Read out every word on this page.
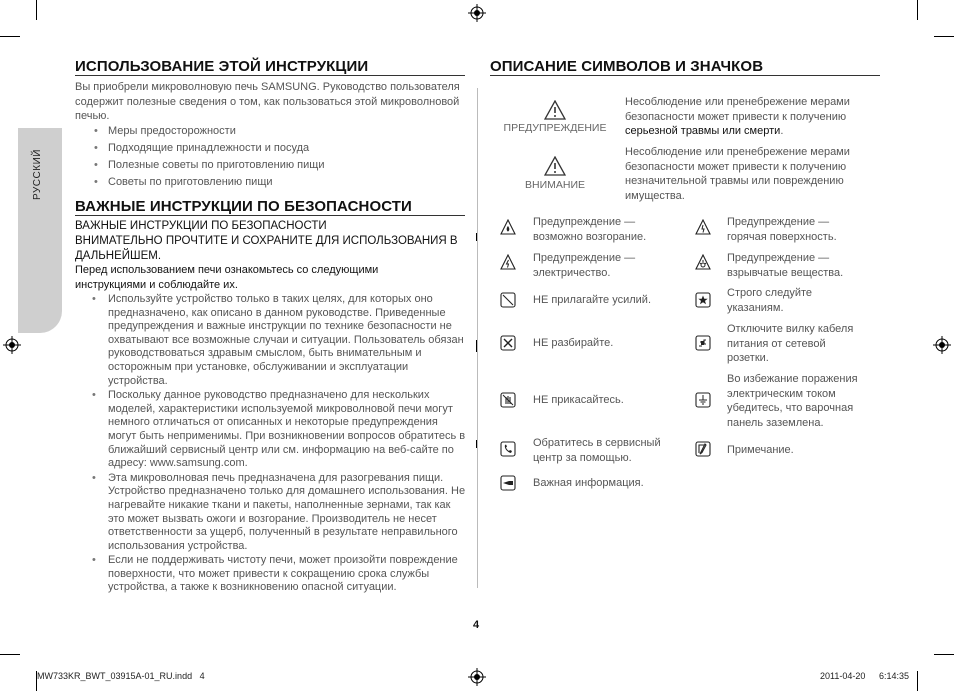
РУССКИЙ
ИСПОЛЬЗОВАНИЕ ЭТОЙ ИНСТРУКЦИИ
Вы приобрели микроволновую печь SAMSUNG. Руководство пользователя содержит полезные сведения о том, как пользоваться этой микроволновой печью.
• Меры предосторожности
• Подходящие принадлежности и посуда
• Полезные советы по приготовлению пищи
• Советы по приготовлению пищи
ВАЖНЫЕ ИНСТРУКЦИИ ПО БЕЗОПАСНОСТИ
ВАЖНЫЕ ИНСТРУКЦИИ ПО БЕЗОПАСНОСТИ
ВНИМАТЕЛЬНО ПРОЧТИТЕ И СОХРАНИТЕ ДЛЯ ИСПОЛЬЗОВАНИЯ В ДАЛЬНЕЙШЕМ.
Перед использованием печи ознакомьтесь со следующими инструкциями и соблюдайте их.
• Используйте устройство только в таких целях, для которых оно предназначено, как описано в данном руководстве. Приведенные предупреждения и важные инструкции по технике безопасности не охватывают все возможные случаи и ситуации. Пользователь обязан руководствоваться здравым смыслом, быть внимательным и осторожным при установке, обслуживании и эксплуатации устройства.
• Поскольку данное руководство предназначено для нескольких моделей, характеристики используемой микроволновой печи могут немного отличаться от описанных и некоторые предупреждения могут быть неприменимы. При возникновении вопросов обратитесь в ближайший сервисный центр или см. информацию на веб-сайте по адресу: www.samsung.com.
• Эта микроволновая печь предназначена для разогревания пищи. Устройство предназначено только для домашнего использования. Не нагревайте никакие ткани и пакеты, наполненные зернами, так как это может вызвать ожоги и возгорание. Производитель не несет ответственности за ущерб, полученный в результате неправильного использования устройства.
• Если не поддерживать чистоту печи, может произойти повреждение поверхности, что может привести к сокращению срока службы устройства, а также к возникновению опасной ситуации.
ОПИСАНИЕ СИМВОЛОВ И ЗНАЧКОВ
ПРЕДУПРЕЖДЕНИЕ
Несоблюдение или пренебрежение мерами безопасности может привести к получению серьезной травмы или смерти.
ВНИМАНИЕ
Несоблюдение или пренебрежение мерами безопасности может привести к получению незначительной травмы или повреждению имущества.
Предупреждение — возможно возгорание.
Предупреждение — электричество.
НЕ прилагайте усилий.
НЕ разбирайте.
НЕ прикасайтесь.
Обратитесь в сервисный центр за помощью.
Важная информация.
Предупреждение — горячая поверхность.
Предупреждение — взрывчатые вещества.
Строго следуйте указаниям.
Отключите вилку кабеля питания от сетевой розетки.
Во избежание поражения электрическим током убедитесь, что варочная панель заземлена.
Примечание.
4
MW733KR_BWT_03915A-01_RU.indd   4	2011-04-20 6:14:35
